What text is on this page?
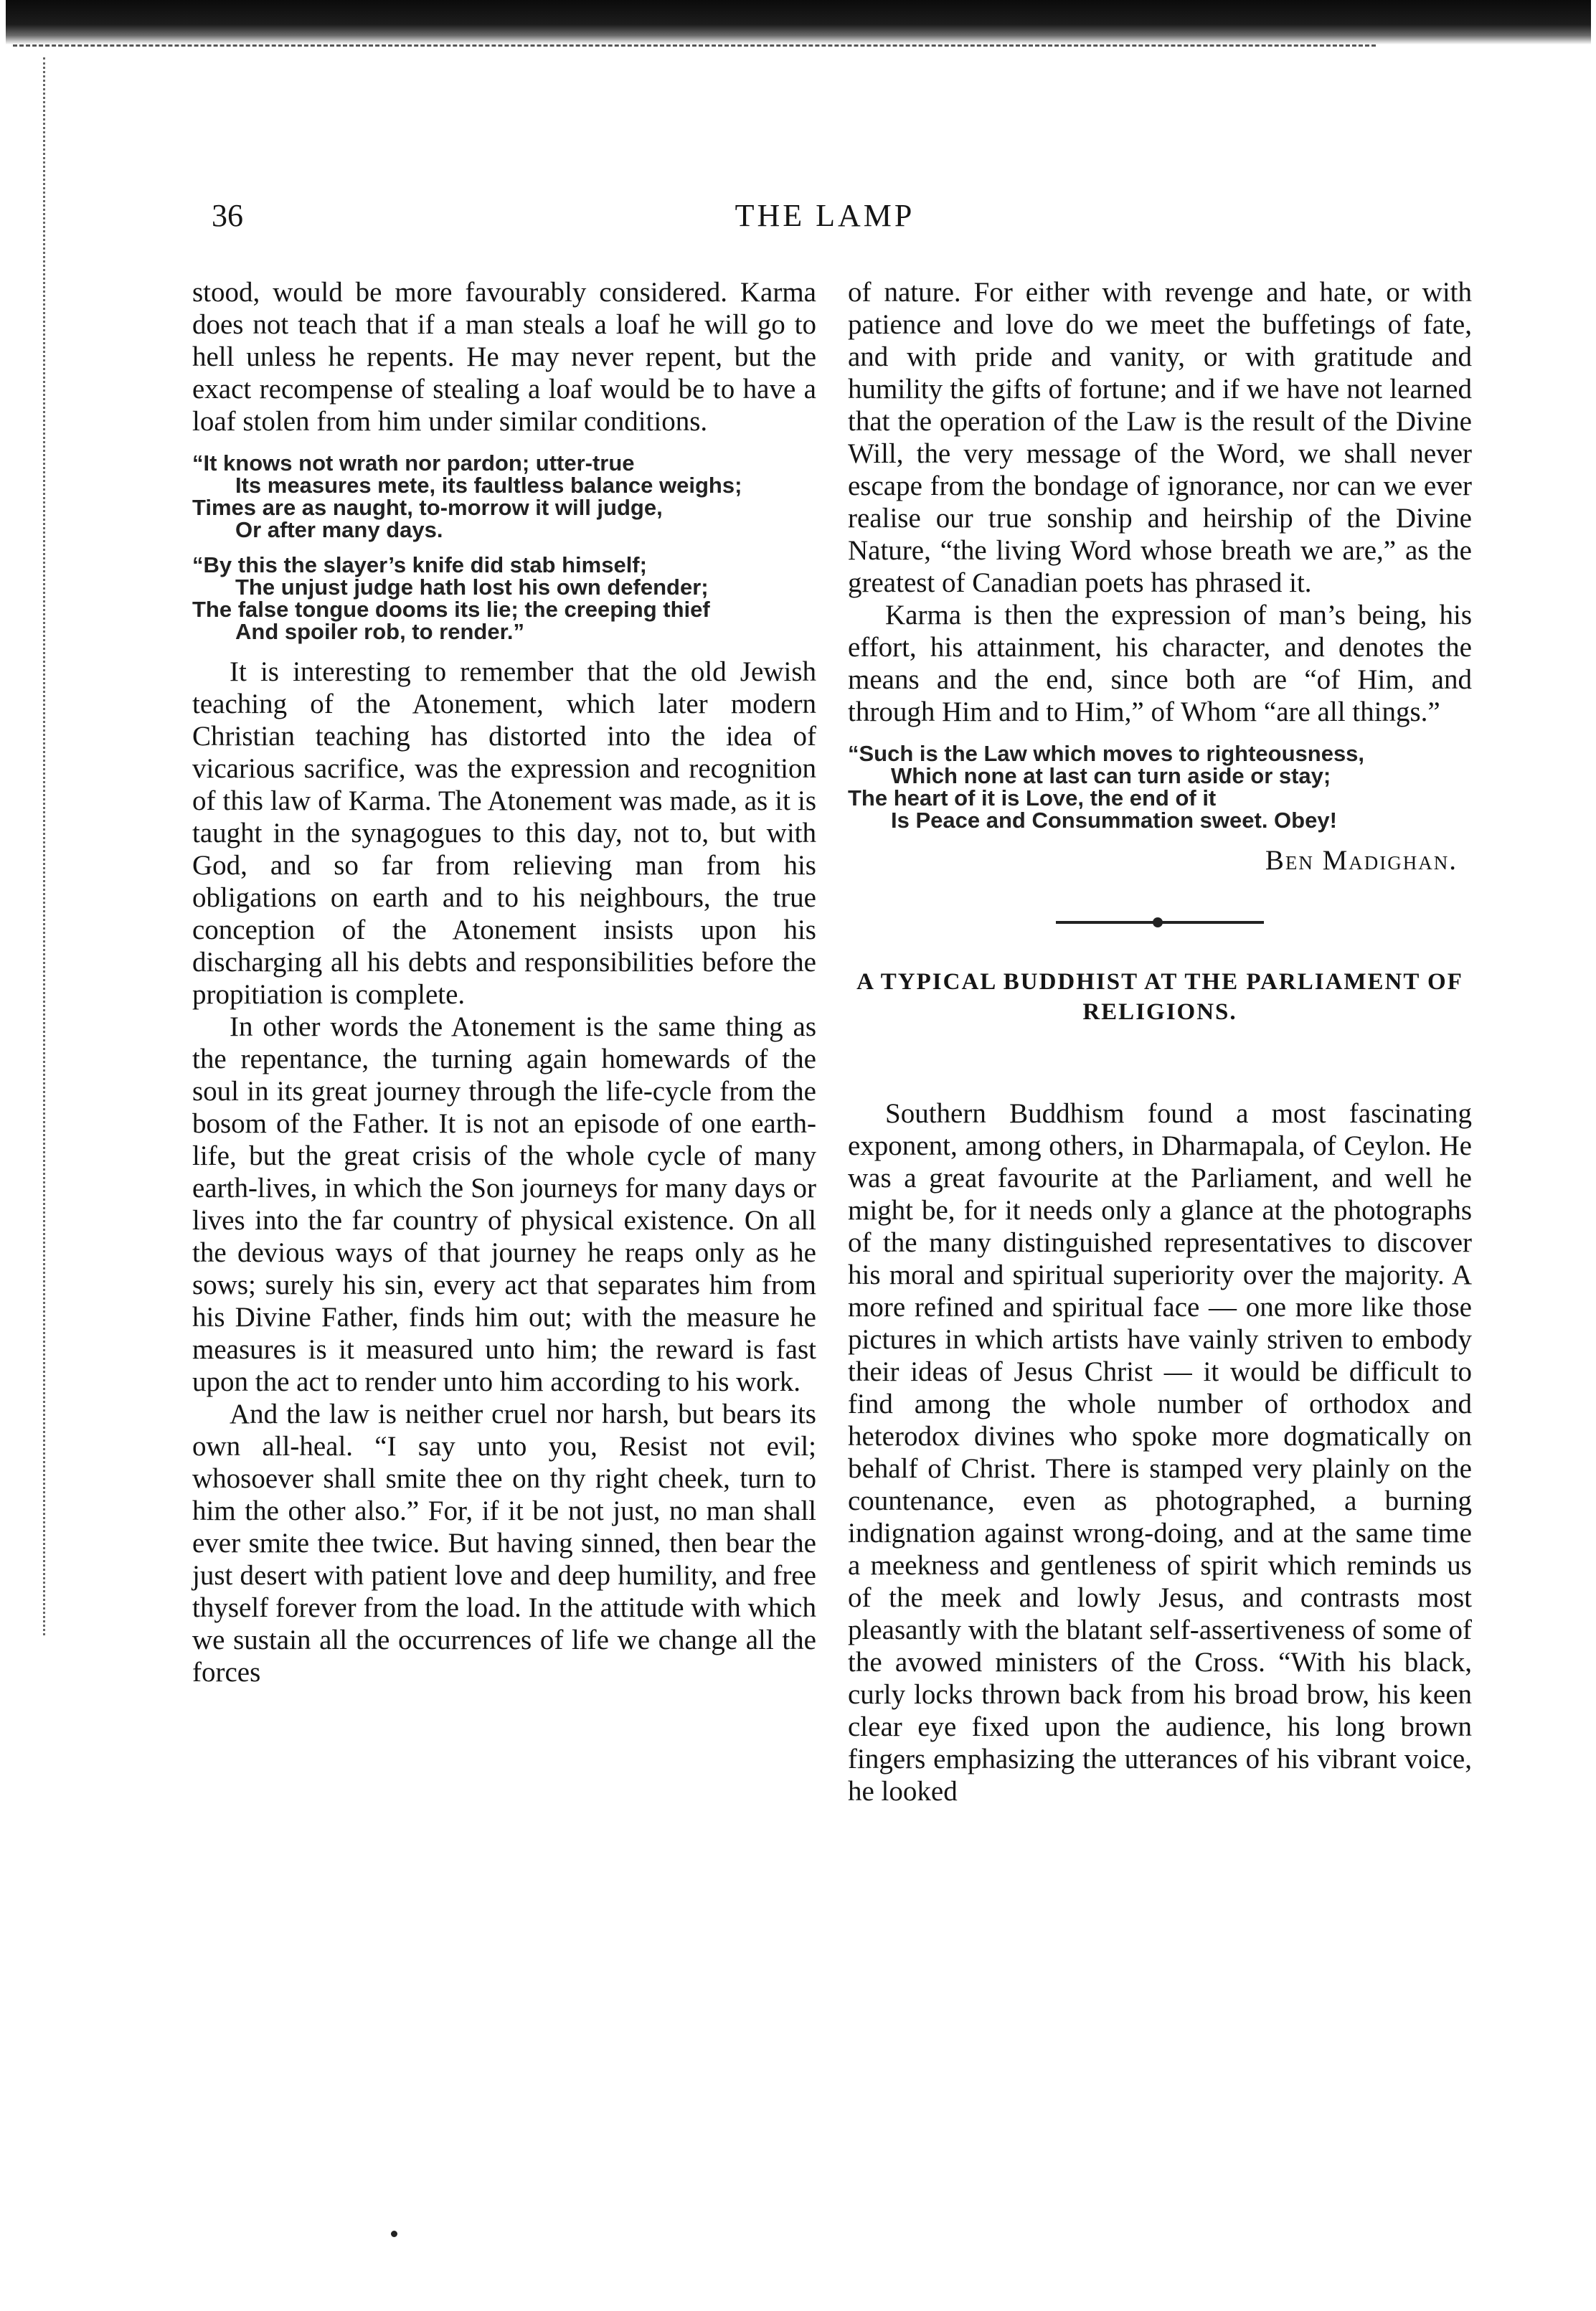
36	THE LAMP

stood, would be more favourably considered. Karma does not teach that if a man steals a loaf he will go to hell unless he repents. He may never repent, but the exact recompense of stealing a loaf would be to have a loaf stolen from him under similar conditions.

“It knows not wrath nor pardon; utter-true
Its measures mete, its faultless balance weighs;
Times are as naught, to-morrow it will judge,
Or after many days.
“By this the slayer’s knife did stab himself;
The unjust judge hath lost his own defender;
The false tongue dooms its lie; the creeping thief
And spoiler rob, to render.”

It is interesting to remember that the old Jewish teaching of the Atonement, which later modern Christian teaching has distorted into the idea of vicarious sacrifice, was the expression and recognition of this law of Karma. The Atonement was made, as it is taught in the synagogues to this day, not to, but with God, and so far from relieving man from his obligations on earth and to his neighbours, the true conception of the Atonement insists upon his discharging all his debts and responsibilities before the propitiation is complete.

In other words the Atonement is the same thing as the repentance, the turning again homewards of the soul in its great journey through the life-cycle from the bosom of the Father. It is not an episode of one earth-life, but the great crisis of the whole cycle of many earth-lives, in which the Son journeys for many days or lives into the far country of physical existence. On all the devious ways of that journey he reaps only as he sows; surely his sin, every act that separates him from his Divine Father, finds him out; with the measure he measures is it measured unto him; the reward is fast upon the act to render unto him according to his work.

And the law is neither cruel nor harsh, but bears its own all-heal. “I say unto you, Resist not evil; whosoever shall smite thee on thy right cheek, turn to him the other also.” For, if it be not just, no man shall ever smite thee twice. But having sinned, then bear the just desert with patient love and deep humility, and free thyself forever from the load. In the attitude with which we sustain all the occurrences of life we change all the forces

of nature. For either with revenge and hate, or with patience and love do we meet the buffetings of fate, and with pride and vanity, or with gratitude and humility the gifts of fortune; and if we have not learned that the operation of the Law is the result of the Divine Will, the very message of the Word, we shall never escape from the bondage of ignorance, nor can we ever realise our true sonship and heirship of the Divine Nature, “the living Word whose breath we are,” as the greatest of Canadian poets has phrased it.

Karma is then the expression of man’s being, his effort, his attainment, his character, and denotes the means and the end, since both are “of Him, and through Him and to Him,” of Whom “are all things.”

“Such is the Law which moves to righteousness,
Which none at last can turn aside or stay;
The heart of it is Love, the end of it
Is Peace and Consummation sweet. Obey!
Ben Madighan.
A TYPICAL BUDDHIST AT THE PARLIAMENT OF RELIGIONS.

Southern Buddhism found a most fascinating exponent, among others, in Dharmapala, of Ceylon. He was a great favourite at the Parliament, and well he might be, for it needs only a glance at the photographs of the many distinguished representatives to discover his moral and spiritual superiority over the majority. A more refined and spiritual face — one more like those pictures in which artists have vainly striven to embody their ideas of Jesus Christ — it would be difficult to find among the whole number of orthodox and heterodox divines who spoke more dogmatically on behalf of Christ. There is stamped very plainly on the countenance, even as photographed, a burning indignation against wrong-doing, and at the same time a meekness and gentleness of spirit which reminds us of the meek and lowly Jesus, and contrasts most pleasantly with the blatant self-assertiveness of some of the avowed ministers of the Cross. “With his black, curly locks thrown back from his broad brow, his keen clear eye fixed upon the audience, his long brown fingers emphasizing the utterances of his vibrant voice, he looked
